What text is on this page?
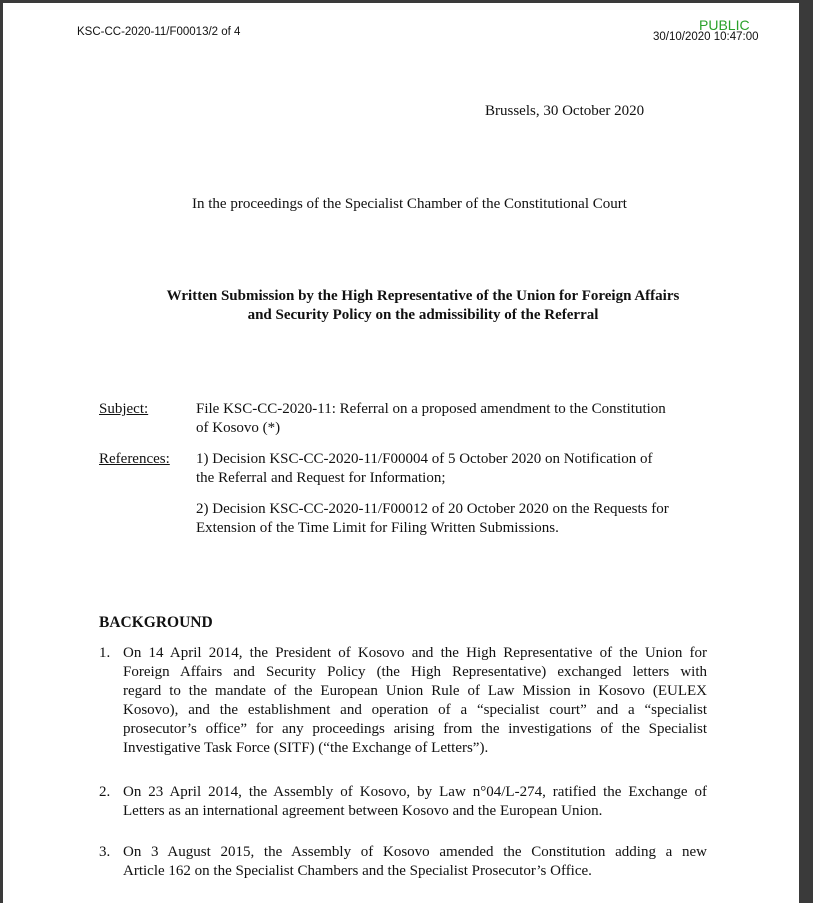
KSC-CC-2020-11/F00013/2 of 4	PUBLIC
30/10/2020 10:47:00
Brussels, 30 October 2020
In the proceedings of the Specialist Chamber of the Constitutional Court
Written Submission by the High Representative of the Union for Foreign Affairs
and Security Policy on the admissibility of the Referral
Subject:	File KSC-CC-2020-11: Referral on a proposed amendment to the Constitution
of Kosovo (*)
References: 1) Decision KSC-CC-2020-11/F00004 of 5 October 2020 on Notification of
the Referral and Request for Information;
2) Decision KSC-CC-2020-11/F00012 of 20 October 2020 on the Requests for
Extension of the Time Limit for Filing Written Submissions.
BACKGROUND
1. On 14 April 2014, the President of Kosovo and the High Representative of the Union for
Foreign Affairs and Security Policy (the High Representative) exchanged letters with
regard to the mandate of the European Union Rule of Law Mission in Kosovo (EULEX
Kosovo), and the establishment and operation of a “specialist court” and a “specialist
prosecutor’s office” for any proceedings arising from the investigations of the Specialist
Investigative Task Force (SITF) (“the Exchange of Letters”).
2. On 23 April 2014, the Assembly of Kosovo, by Law n°04/L-274, ratified the Exchange of
Letters as an international agreement between Kosovo and the European Union.
3. On 3 August 2015, the Assembly of Kosovo amended the Constitution adding a new
Article 162 on the Specialist Chambers and the Specialist Prosecutor’s Office.
